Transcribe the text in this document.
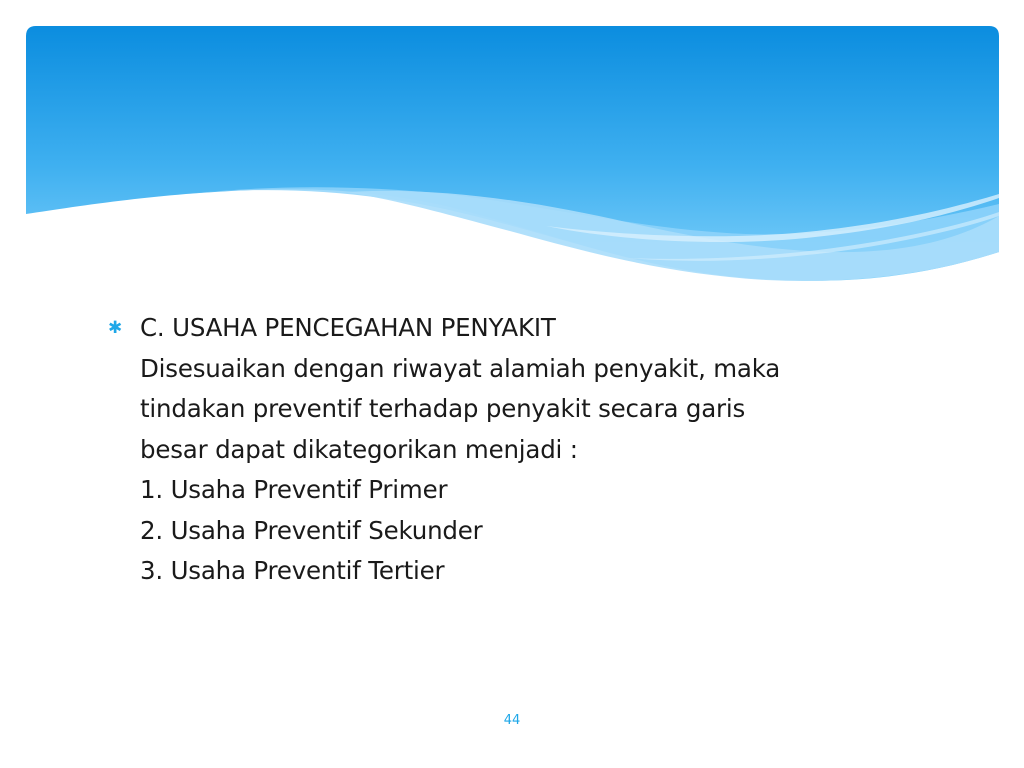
✱ C. USAHA PENCEGAHAN PENYAKIT
Disesuaikan dengan riwayat alamiah penyakit, maka
tindakan preventif terhadap penyakit secara garis
besar dapat dikategorikan menjadi :
1. Usaha Preventif Primer
2. Usaha Preventif Sekunder
3. Usaha Preventif Tertier
44
